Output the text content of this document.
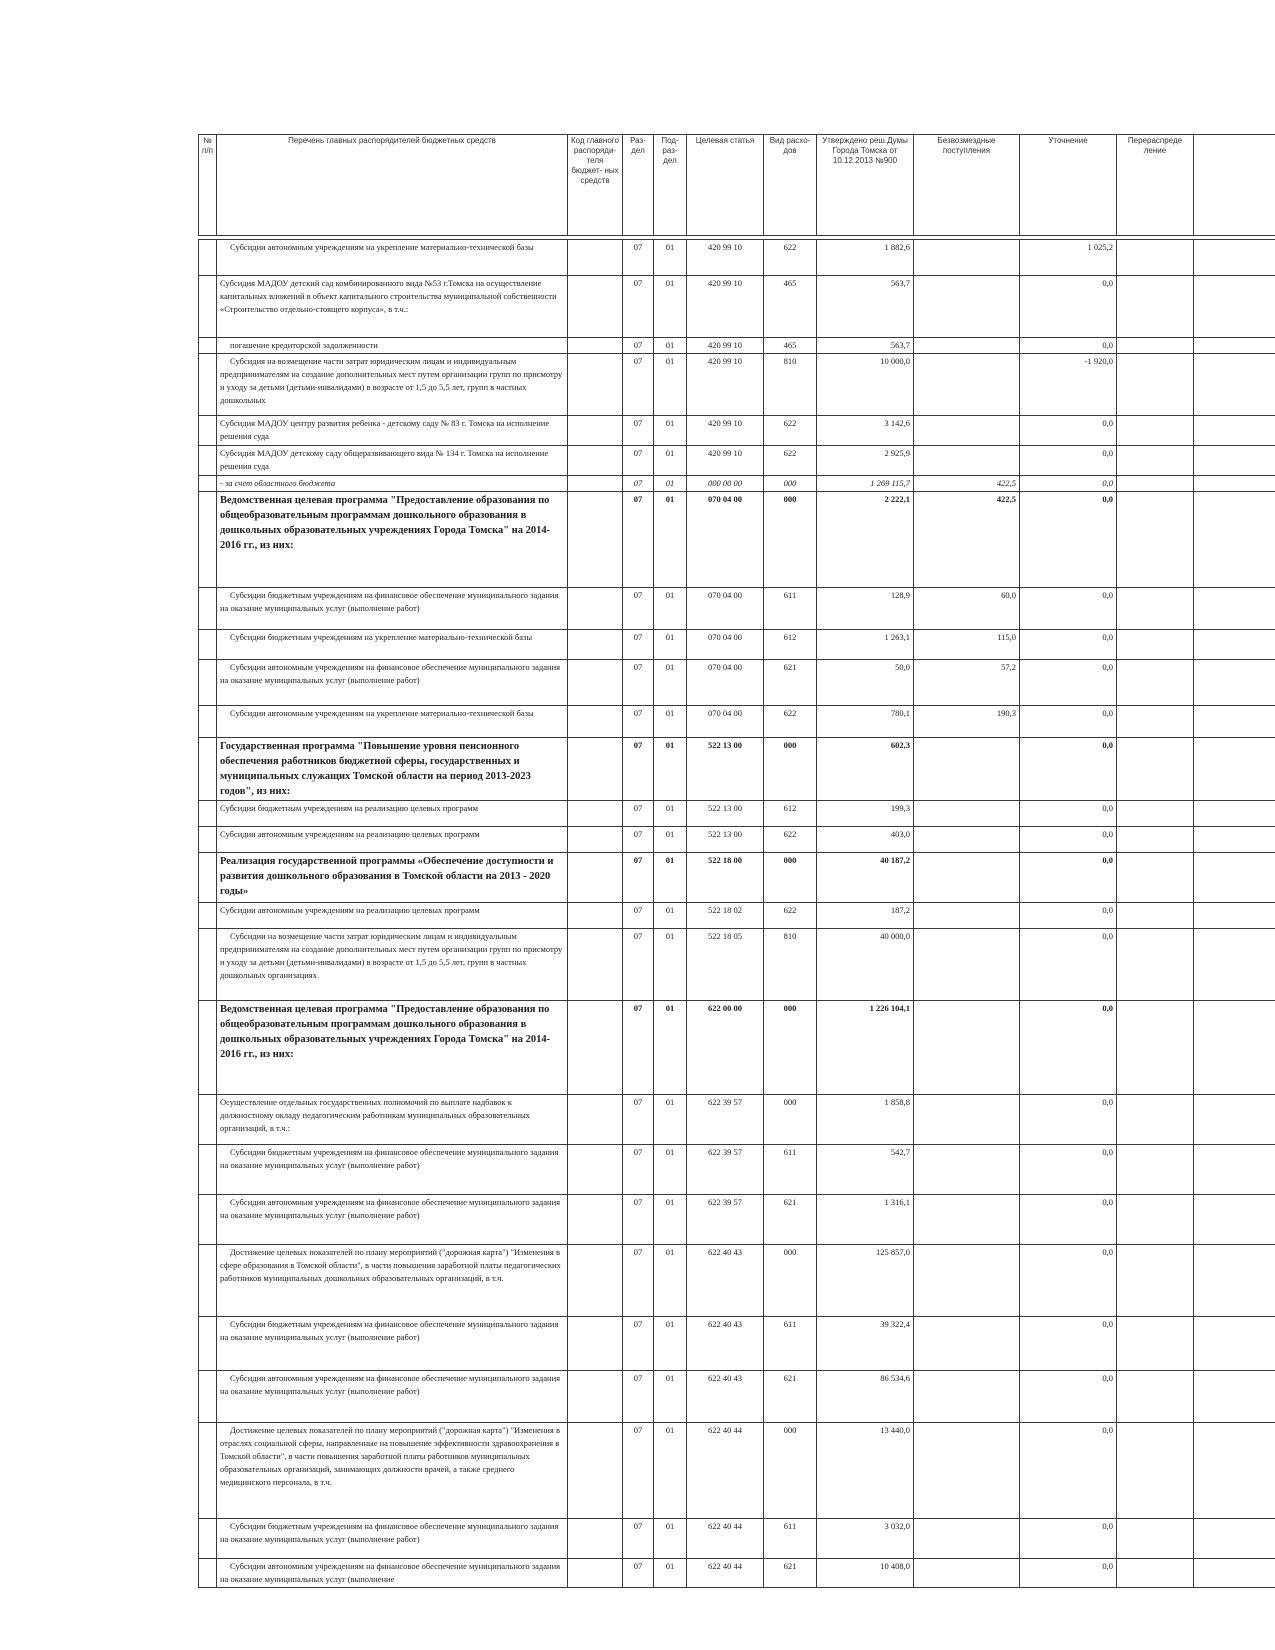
№ п/п	Перечень главных распорядителей бюджетных средств	Код главного распоряди- теля бюджет- ных средств	Раз- дел	Под- раз- дел	Целевая статья	Вид расхо- дов	Утверждено реш.Думы Города Томска от 10.12.2013 №900	Безвозмездные поступления	Уточнение	Перераспреде ление	

	Субсидии автономным учреждениям на укрепление материально-технической базы		07	01	420 99 10	622	1 882,6		1 025,2		
	Субсидия МАДОУ детский сад комбинированного вида №53 г.Томска на осуществление капитальных вложений в объект капитального строительства муниципальной собственности «Строительство отдельно-стоящего корпуса», в т.ч.:		07	01	420 99 10	465	563,7		0,0		
	погашение кредиторской задолженности		07	01	420 99 10	465	563,7		0,0		
	Субсидия на возмещение части затрат юридическим лицам и индивидуальным предпринимателям на создание дополнительных мест путем организации групп по присмотру и уходу за детьми (детьми-инвалидами) в возрасте от 1,5 до 5,5 лет, групп в частных дошкольных		07	01	420 99 10	810	10 000,0		-1 920,0		
	Субсидия МАДОУ центру развития ребенка - детскому саду № 83 г. Томска на исполнение решения суда		07	01	420 99 10	622	3 142,6		0,0		
	Субсидия МАДОУ детскому саду общеразвивающего вида № 134 г. Томска на исполнение решения суда		07	01	420 99 10	622	2 925,9		0,0		
	- за счет областного бюджета		07	01	000 00 00	000	1 269 115,7	422,5	0,0		
	Ведомственная целевая программа "Предоставление образования по общеобразовательным программам дошкольного образования в дошкольных образовательных учреждениях Города Томска" на 2014-2016 гг., из них:		07	01	070 04 00	000	2 222,1	422,5	0,0		
	Субсидии бюджетным учреждениям на финансовое обеспечение муниципального задания на оказание муниципальных услуг (выполнение работ)		07	01	070 04 00	611	128,9	60,0	0,0		
	Субсидии бюджетным учреждениям на укрепление материально-технической базы		07	01	070 04 00	612	1 263,1	115,0	0,0		
	Субсидии автономным учреждениям на финансовое обеспечение муниципального задания на оказание муниципальных услуг (выполнение работ)		07	01	070 04 00	621	50,0	57,2	0,0		
	Субсидии автономным учреждениям на укрепление материально-технической базы		07	01	070 04 00	622	780,1	190,3	0,0		
	Государственная программа "Повышение уровня пенсионного обеспечения работников бюджетной сферы, государственных и муниципальных служащих Томской области на период 2013-2023 годов", из них:		07	01	522 13 00	000	602,3		0,0		
	Субсидии бюджетным учреждениям на реализацию целевых программ		07	01	522 13 00	612	199,3		0,0		
	Субсидии автономным учреждениям на реализацию целевых программ		07	01	522 13 00	622	403,0		0,0		
	Реализация государственной программы «Обеспечение доступности и развития дошкольного образования в Томской области на 2013 - 2020 годы»		07	01	522 18 00	000	40 187,2		0,0		
	Субсидии автономным учреждениям на реализацию целевых программ		07	01	522 18 02	622	187,2		0,0		
	Субсидии на возмещение части затрат юридическим лицам и индивидуальным предпринимателям на создание дополнительных мест путем организации групп по присмотру и уходу за детьми (детьми-инвалидами) в возрасте от 1,5 до 5,5 лет, групп в частных дошкольных организациях		07	01	522 18 05	810	40 000,0		0,0		
	Ведомственная целевая программа "Предоставление образования по общеобразовательным программам дошкольного образования в дошкольных образовательных учреждениях Города Томска" на 2014-2016 гг., из них:		07	01	622 00 00	000	1 226 104,1		0,0		
	Осуществление отдельных государственных полномочий по выплате надбавок к должностному окладу педагогическим работникам муниципальных образовательных организаций, в т.ч.:		07	01	622 39 57	000	1 858,8		0,0		
	Субсидии бюджетным учреждениям на финансовое обеспечение муниципального задания на оказание муниципальных услуг (выполнение работ)		07	01	622 39 57	611	542,7		0,0		
	Субсидии автономным учреждениям на финансовое обеспечение муниципального задания на оказание муниципальных услуг (выполнение работ)		07	01	622 39 57	621	1 316,1		0,0		
	Достижение целевых показателей по плану мероприятий ("дорожная карта") "Изменения в сфере образования в Томской области", в части повышения заработной платы педагогических работников муниципальных дошкольных образовательных организаций, в т.ч.		07	01	622 40 43	000	125 857,0		0,0		
	Субсидии бюджетным учреждениям на финансовое обеспечение муниципального задания на оказание муниципальных услуг (выполнение работ)		07	01	622 40 43	611	39 322,4		0,0		
	Субсидии автономным учреждениям на финансовое обеспечение муниципального задания на оказание муниципальных услуг (выполнение работ)		07	01	622 40 43	621	86 534,6		0,0		
	Достижение целевых показателей по плану мероприятий ("дорожная карта") "Изменения в отраслях социальной сферы, направленные на повышение эффективности здравоохранения в Томской области", в части повышения заработной платы работников муниципальных образовательных организаций, занимающих должности врачей, а также среднего медицинского персонала, в т.ч.		07	01	622 40 44	000	13 440,0		0,0		
	Субсидии бюджетным учреждениям на финансовое обеспечение муниципального задания на оказание муниципальных услуг (выполнение работ)		07	01	622 40 44	611	3 032,0		0,0		
	Субсидии автономным учреждениям на финансовое обеспечение муниципального задания на оказание муниципальных услуг (выполнение		07	01	622 40 44	621	10 408,0		0,0		
